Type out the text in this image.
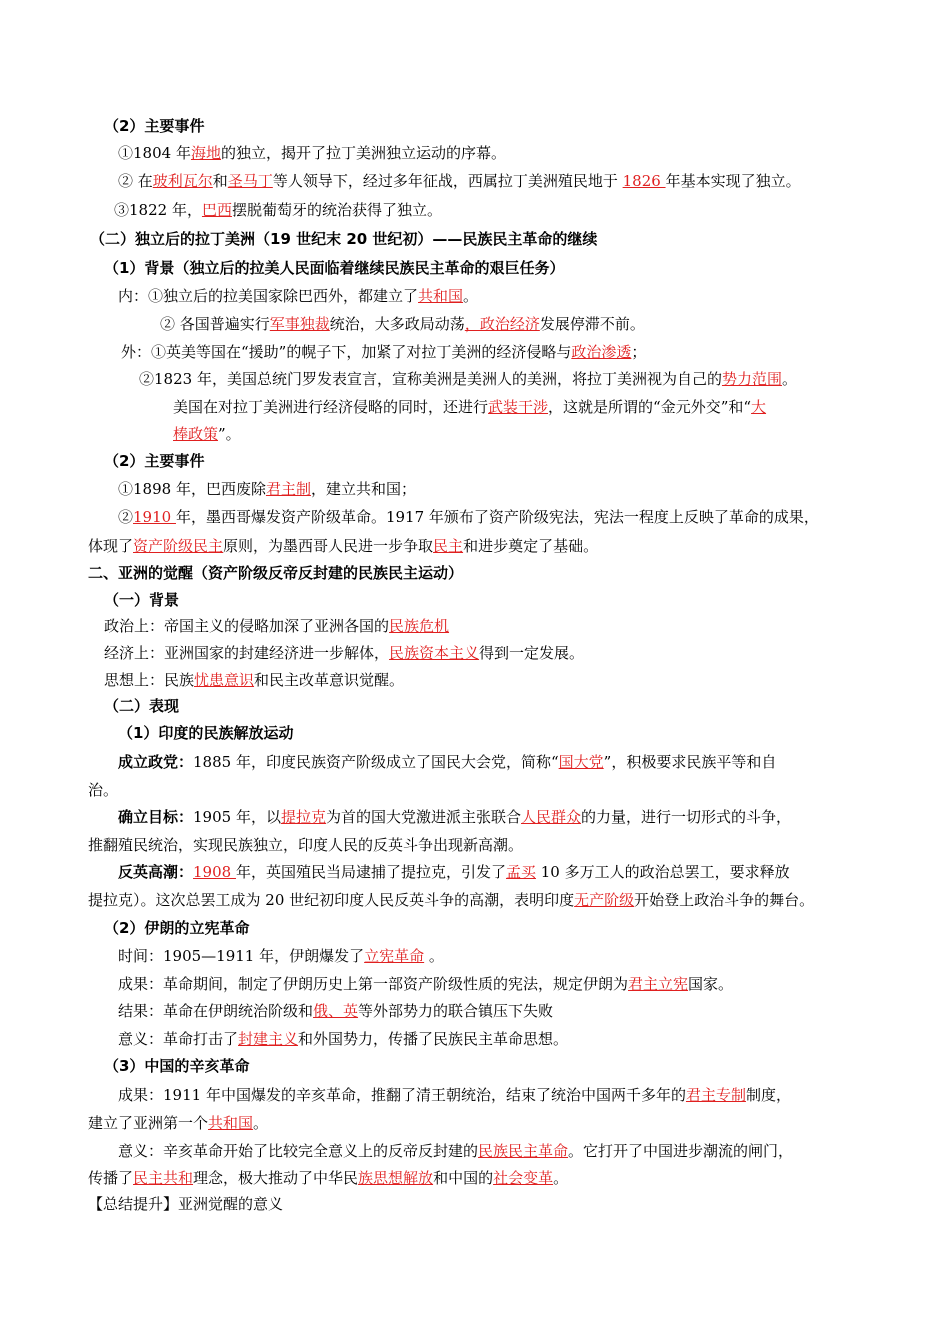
（2）主要事件
①1804 年海地的独立，揭开了拉丁美洲独立运动的序幕。
② 在玻利瓦尔和圣马丁等人领导下，经过多年征战，西属拉丁美洲殖民地于 1826 年基本实现了独立。
③1822 年，巴西摆脱葡萄牙的统治获得了独立。
（二）独立后的拉丁美洲（19 世纪末 20 世纪初）——民族民主革命的继续
（1）背景（独立后的拉美人民面临着继续民族民主革命的艰巨任务）
内：①独立后的拉美国家除巴西外，都建立了共和国。
② 各国普遍实行军事独裁统治，大多政局动荡，政治经济发展停滞不前。
外：①英美等国在“援助”的幌子下，加紧了对拉丁美洲的经济侵略与政治渗透；
②1823 年，美国总统门罗发表宣言，宣称美洲是美洲人的美洲，将拉丁美洲视为自己的势力范围。
美国在对拉丁美洲进行经济侵略的同时，还进行武装干涉，这就是所谓的“金元外交”和“大
棒政策”。
（2）主要事件
①1898 年，巴西废除君主制，建立共和国；
②1910 年，墨西哥爆发资产阶级革命。1917 年颁布了资产阶级宪法，宪法一程度上反映了革命的成果，
体现了资产阶级民主原则，为墨西哥人民进一步争取民主和进步奠定了基础。
二、亚洲的觉醒（资产阶级反帝反封建的民族民主运动）
（一）背景
政治上：帝国主义的侵略加深了亚洲各国的民族危机
经济上：亚洲国家的封建经济进一步解体，民族资本主义得到一定发展。
思想上：民族忧患意识和民主改革意识觉醒。
（二）表现
（1）印度的民族解放运动
成立政党：1885 年，印度民族资产阶级成立了国民大会党，简称“国大党”，积极要求民族平等和自
治。
确立目标：1905 年，以提拉克为首的国大党激进派主张联合人民群众的力量，进行一切形式的斗争，
推翻殖民统治，实现民族独立，印度人民的反英斗争出现新高潮。
反英高潮：1908 年，英国殖民当局逮捕了提拉克，引发了孟买 10 多万工人的政治总罢工，要求释放
提拉克）。这次总罢工成为 20 世纪初印度人民反英斗争的高潮，表明印度无产阶级开始登上政治斗争的舞台。
（2）伊朗的立宪革命
时间：1905—1911 年，伊朗爆发了立宪革命 。
成果：革命期间，制定了伊朗历史上第一部资产阶级性质的宪法，规定伊朗为君主立宪国家。
结果：革命在伊朗统治阶级和俄、英等外部势力的联合镇压下失败
意义：革命打击了封建主义和外国势力，传播了民族民主革命思想。
（3）中国的辛亥革命
成果：1911 年中国爆发的辛亥革命，推翻了清王朝统治，结束了统治中国两千多年的君主专制制度，
建立了亚洲第一个共和国。
意义：辛亥革命开始了比较完全意义上的反帝反封建的民族民主革命。它打开了中国进步潮流的闸门，
传播了民主共和理念，极大推动了中华民族思想解放和中国的社会变革。
【总结提升】亚洲觉醒的意义
